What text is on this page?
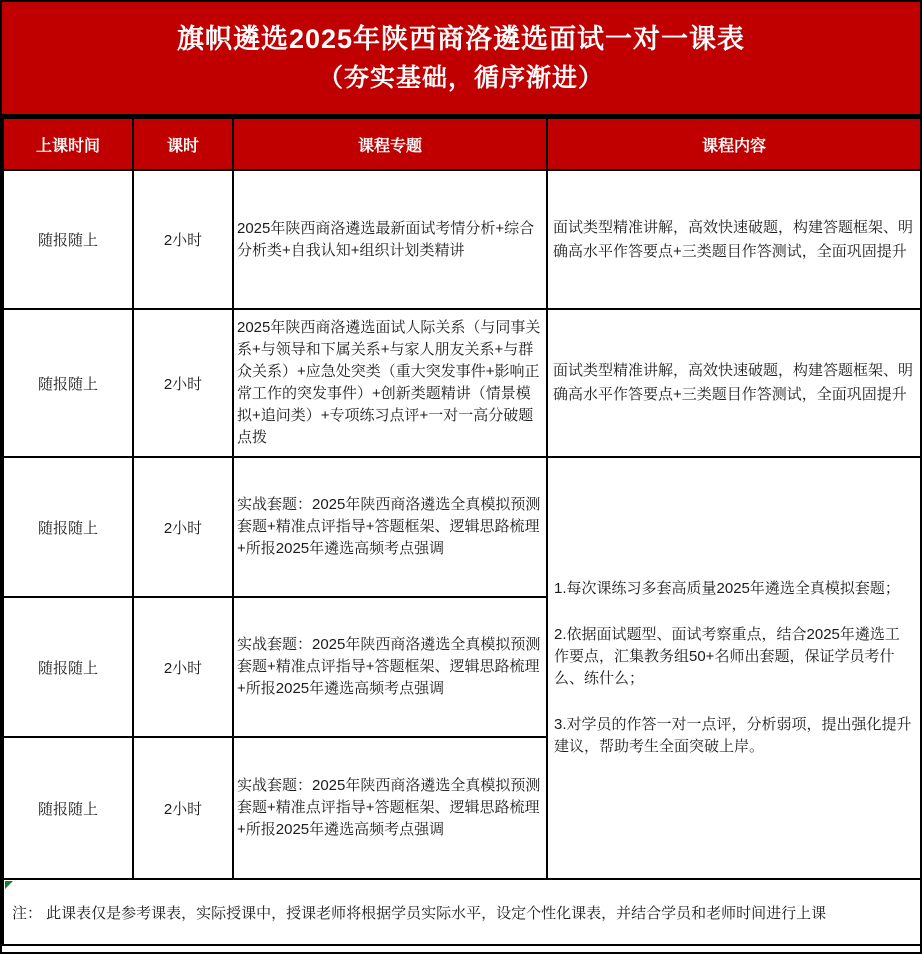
旗帜遴选2025年陕西商洛遴选面试一对一课表
（夯实基础，循序渐进）
上课时间	课时	课程专题	课程内容
随报随上	2小时	2025年陕西商洛遴选最新面试考情分析+综合分析类+自我认知+组织计划类精讲	面试类型精准讲解，高效快速破题，构建答题框架、明确高水平作答要点+三类题目作答测试，全面巩固提升
随报随上	2小时	2025年陕西商洛遴选面试人际关系（与同事关系+与领导和下属关系+与家人朋友关系+与群众关系）+应急处突类（重大突发事件+影响正常工作的突发事件）+创新类题精讲（情景模拟+追问类）+专项练习点评+一对一高分破题点拨	面试类型精准讲解，高效快速破题，构建答题框架、明确高水平作答要点+三类题目作答测试，全面巩固提升
随报随上	2小时	实战套题：2025年陕西商洛遴选全真模拟预测套题+精准点评指导+答题框架、逻辑思路梳理+所报2025年遴选高频考点强调	1.每次课练习多套高质量2025年遴选全真模拟套题；

2.依据面试题型、面试考察重点，结合2025年遴选工作要点，汇集教务组50+名师出套题，保证学员考什么、练什么；

3.对学员的作答一对一点评，分析弱项，提出强化提升建议，帮助考生全面突破上岸。

随报随上	2小时	实战套题：2025年陕西商洛遴选全真模拟预测套题+精准点评指导+答题框架、逻辑思路梳理+所报2025年遴选高频考点强调	
随报随上	2小时	实战套题：2025年陕西商洛遴选全真模拟预测套题+精准点评指导+答题框架、逻辑思路梳理+所报2025年遴选高频考点强调	

注： 此课表仅是参考课表，实际授课中，授课老师将根据学员实际水平，设定个性化课表，并结合学员和老师时间进行上课			
